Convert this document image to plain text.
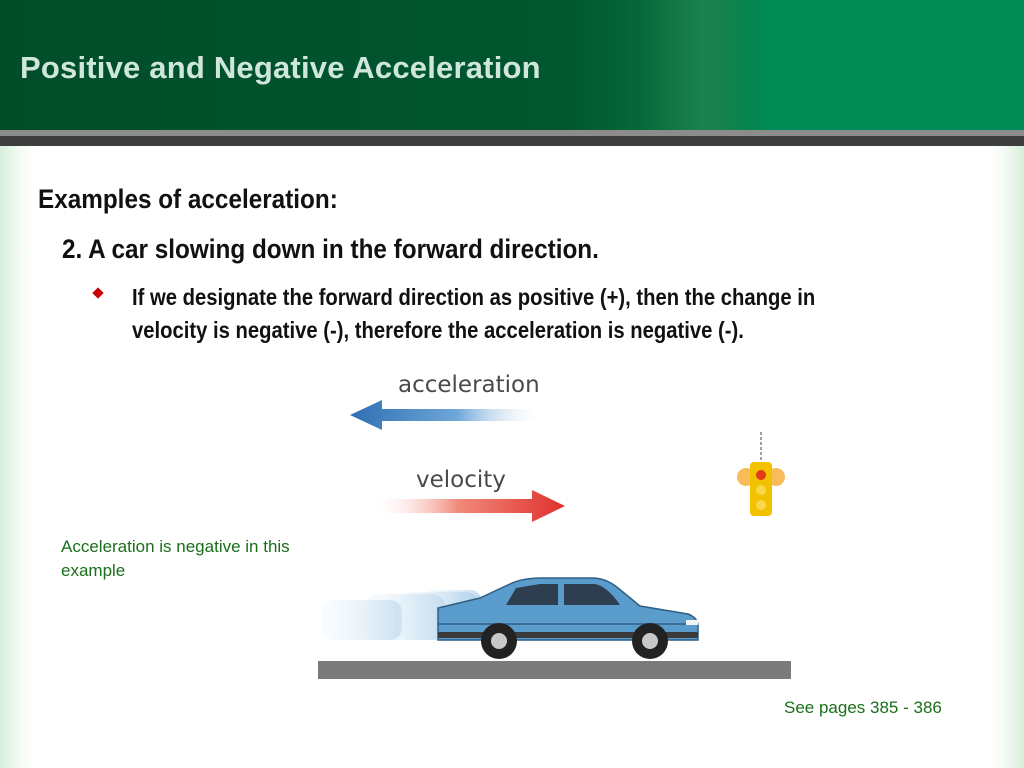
Positive and Negative Acceleration
Examples of acceleration:
2. A car slowing down in the forward direction.
If we designate the forward direction as positive (+), then the change in velocity is negative (-), therefore the acceleration is negative (-).
acceleration
velocity
Acceleration is negative in this example
See pages 385 - 386
